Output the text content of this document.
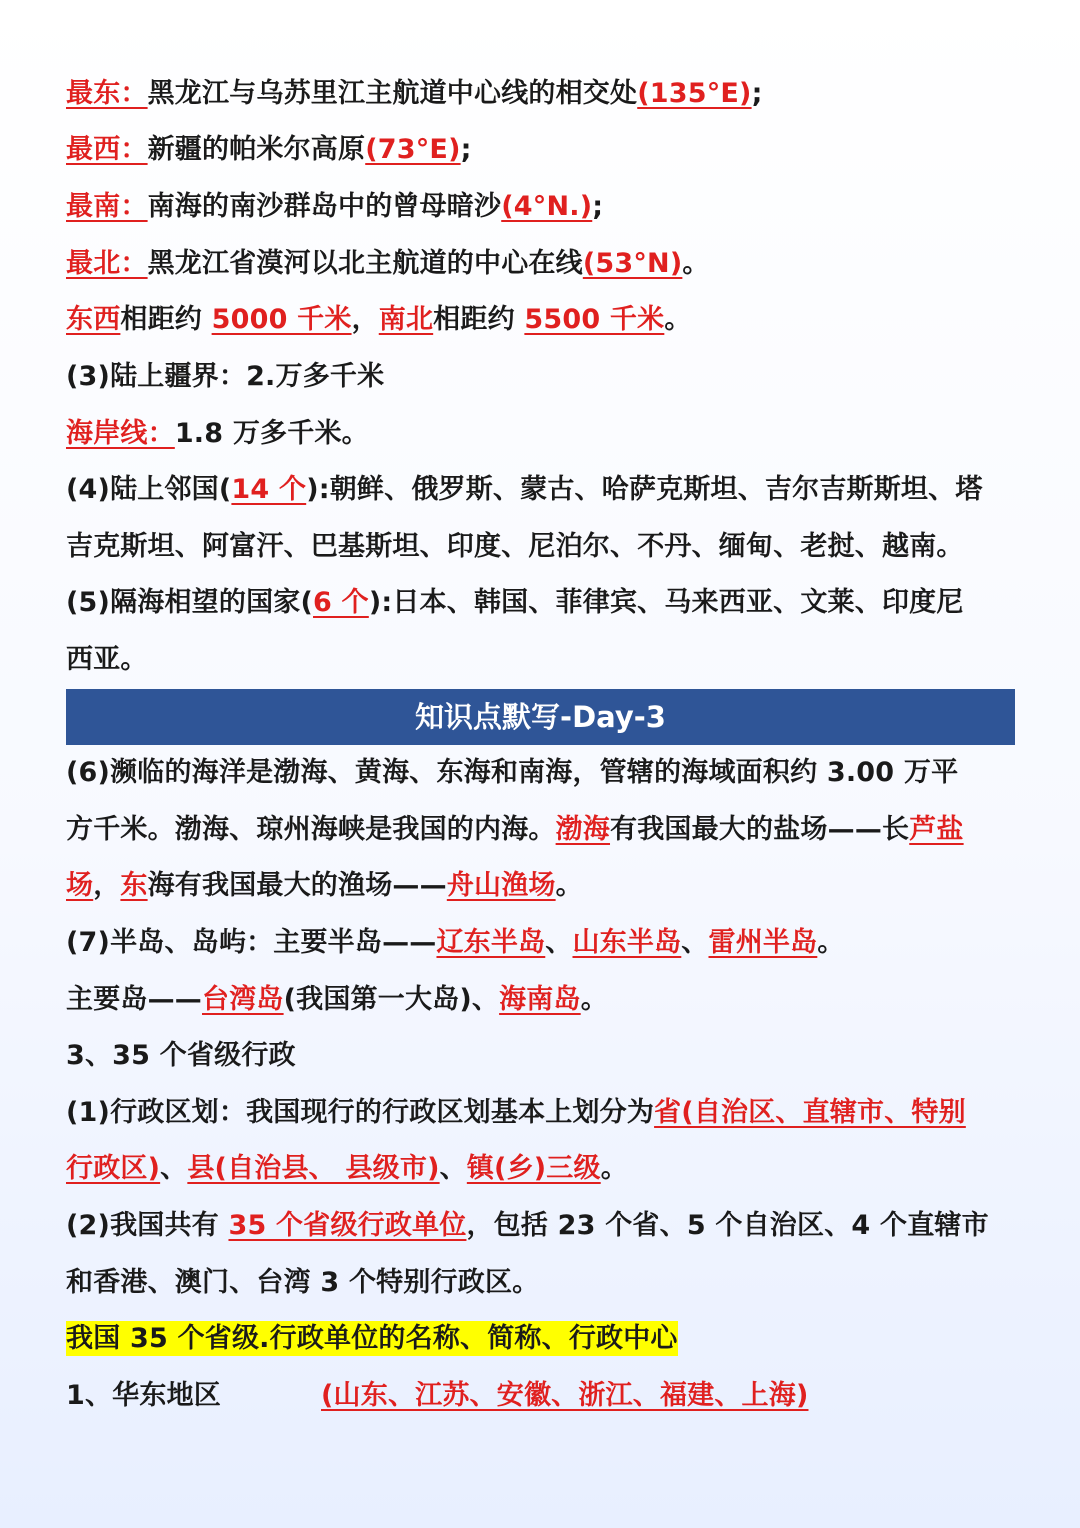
最东：黑龙江与乌苏里江主航道中心线的相交处(135°E);
最西：新疆的帕米尔高原(73°E);
最南：南海的南沙群岛中的曾母暗沙(4°N.);
最北：黑龙江省漠河以北主航道的中心在线(53°N)。
东西相距约 5000 千米，南北相距约 5500 千米。
(3)陆上疆界：2.万多千米
海岸线：1.8 万多千米。
(4)陆上邻国(14 个):朝鲜、俄罗斯、蒙古、哈萨克斯坦、吉尔吉斯斯坦、塔
吉克斯坦、阿富汗、巴基斯坦、印度、尼泊尔、不丹、缅甸、老挝、越南。
(5)隔海相望的国家(6 个):日本、韩国、菲律宾、马来西亚、文莱、印度尼
西亚。
知识点默写-Day-3
(6)濒临的海洋是渤海、黄海、东海和南海，管辖的海域面积约 3.00 万平
方千米。渤海、琼州海峡是我国的内海。渤海有我国最大的盐场——长芦盐
场，东海有我国最大的渔场——舟山渔场。
(7)半岛、岛屿：主要半岛——辽东半岛、山东半岛、雷州半岛。
主要岛——台湾岛(我国第一大岛)、海南岛。
3、35 个省级行政
(1)行政区划：我国现行的行政区划基本上划分为省(自治区、直辖市、特别
行政区)、县(自治县、 县级市)、镇(乡)三级。
(2)我国共有 35 个省级行政单位，包括 23 个省、5 个自治区、4 个直辖市
和香港、澳门、台湾 3 个特别行政区。
我国 35 个省级.行政单位的名称、简称、行政中心
1、华东地区	(山东、江苏、安徽、浙江、福建、上海)
